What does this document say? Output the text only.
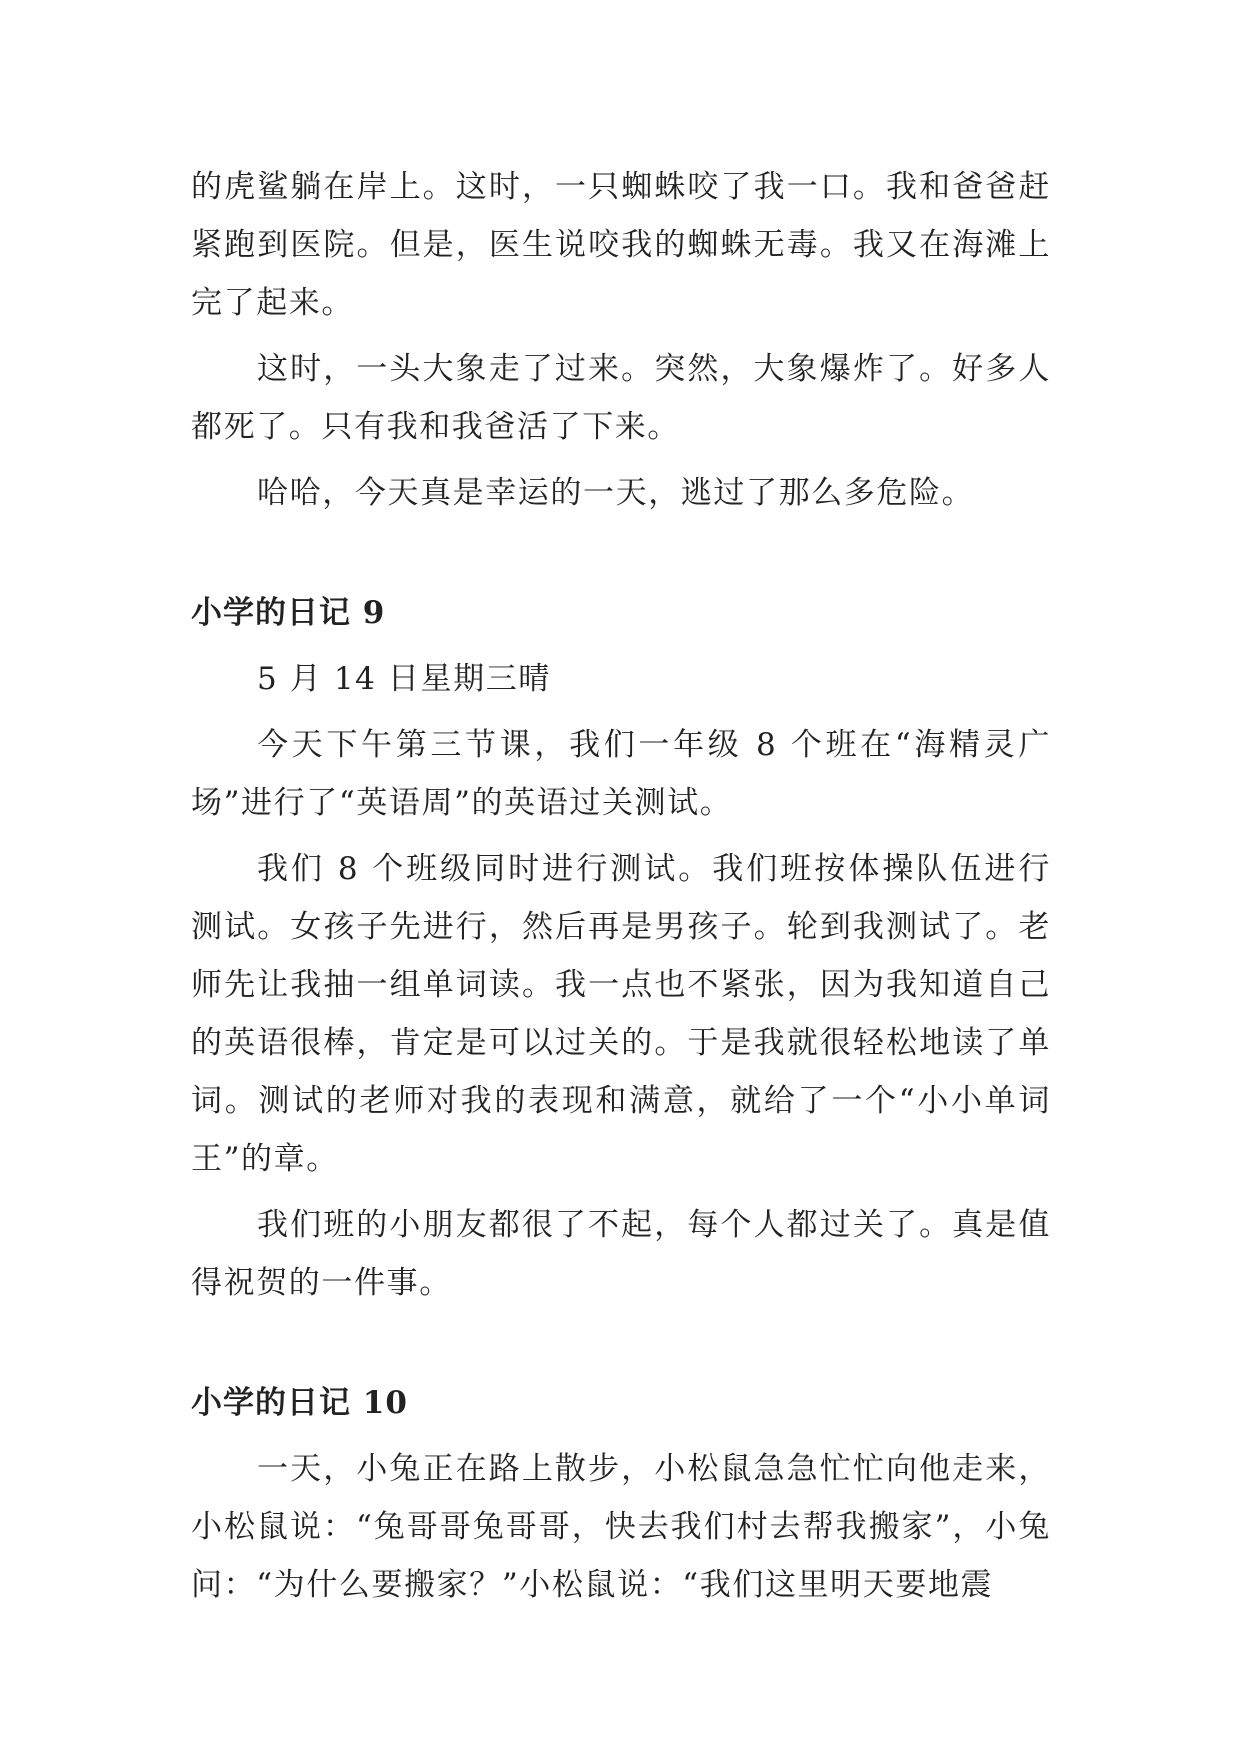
的虎鲨躺在岸上。这时，一只蜘蛛咬了我一口。我和爸爸赶紧跑到医院。但是，医生说咬我的蜘蛛无毒。我又在海滩上完了起来。

这时，一头大象走了过来。突然，大象爆炸了。好多人都死了。只有我和我爸活了下来。

哈哈，今天真是幸运的一天，逃过了那么多危险。

小学的日记 9

5 月 14 日星期三晴

今天下午第三节课，我们一年级 8 个班在“海精灵广场”进行了“英语周”的英语过关测试。

我们 8 个班级同时进行测试。我们班按体操队伍进行测试。女孩子先进行，然后再是男孩子。轮到我测试了。老师先让我抽一组单词读。我一点也不紧张，因为我知道自己的英语很棒，肯定是可以过关的。于是我就很轻松地读了单词。测试的老师对我的表现和满意，就给了一个“小小单词王”的章。

我们班的小朋友都很了不起，每个人都过关了。真是值得祝贺的一件事。

小学的日记 10

一天，小兔正在路上散步，小松鼠急急忙忙向他走来，小松鼠说：“兔哥哥兔哥哥，快去我们村去帮我搬家”，小兔问：“为什么要搬家？”小松鼠说：“我们这里明天要地震
